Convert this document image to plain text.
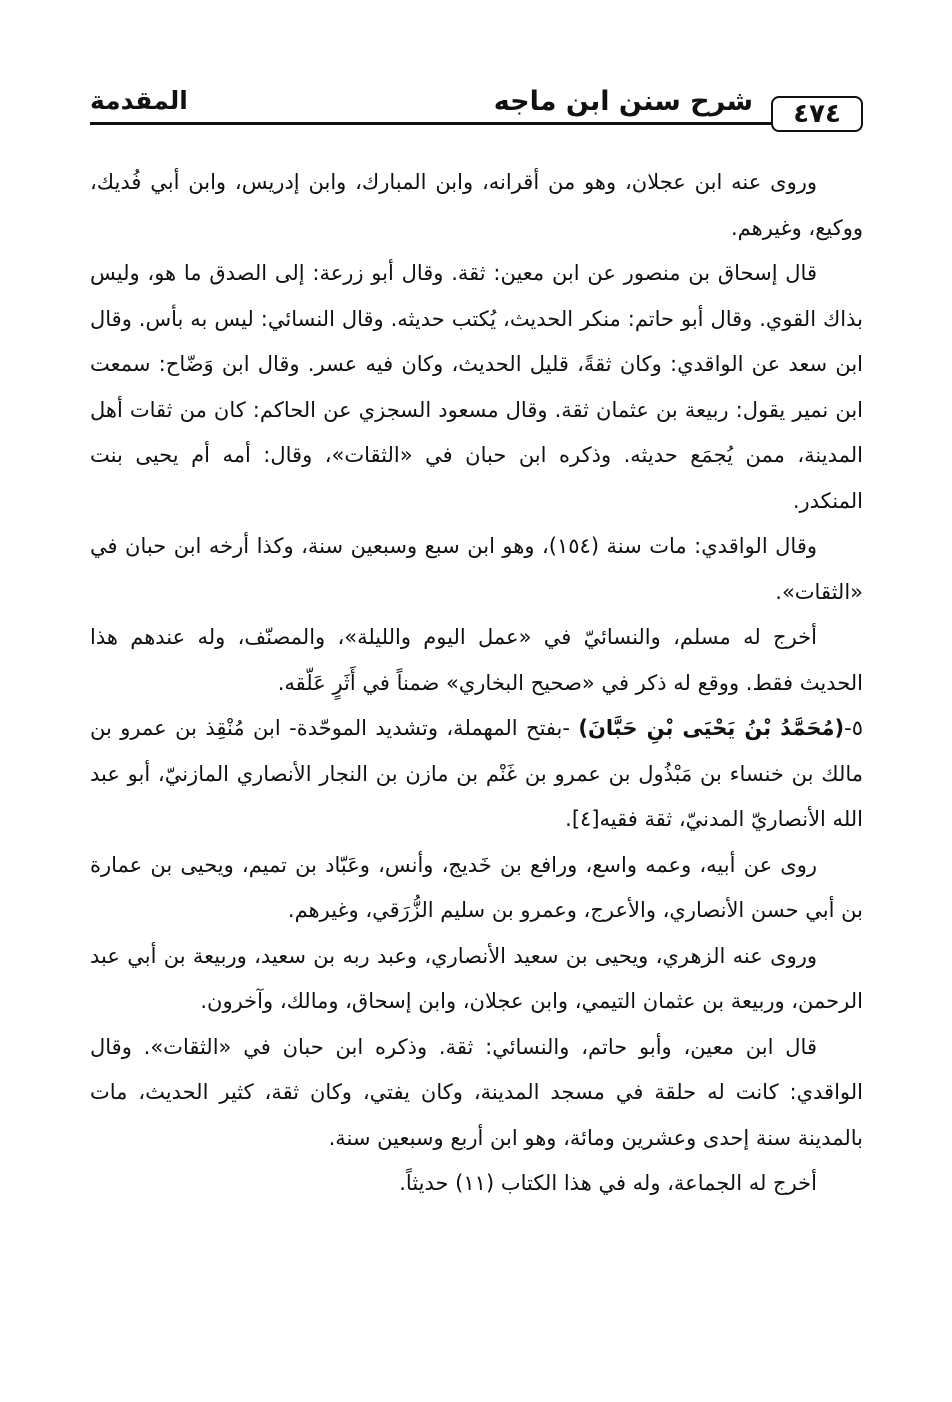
٤٧٤
شرح سنن ابن ماجه
المقدمة

وروى عنه ابن عجلان، وهو من أقرانه، وابن المبارك، وابن إدريس، وابن أبي فُديك، ووكيع، وغيرهم.

قال إسحاق بن منصور عن ابن معين: ثقة. وقال أبو زرعة: إلى الصدق ما هو، وليس بذاك القوي. وقال أبو حاتم: منكر الحديث، يُكتب حديثه. وقال النسائي: ليس به بأس. وقال ابن سعد عن الواقدي: وكان ثقةً، قليل الحديث، وكان فيه عسر. وقال ابن وَضّاح: سمعت ابن نمير يقول: ربيعة بن عثمان ثقة. وقال مسعود السجزي عن الحاكم: كان من ثقات أهل المدينة، ممن يُجمَع حديثه. وذكره ابن حبان في «الثقات»، وقال: أمه أم يحيى بنت المنكدر.

وقال الواقدي: مات سنة (١٥٤)، وهو ابن سبع وسبعين سنة، وكذا أرخه ابن حبان في «الثقات».

أخرج له مسلم، والنسائيّ في «عمل اليوم والليلة»، والمصنّف، وله عندهم هذا الحديث فقط. ووقع له ذكر في «صحيح البخاري» ضمناً في أَثَرٍ عَلّقه.

٥-(مُحَمَّدُ بْنُ يَحْيَى بْنِ حَبَّانَ) -بفتح المهملة، وتشديد الموحّدة- ابن مُنْقِذ بن عمرو بن مالك بن خنساء بن مَبْذُول بن عمرو بن غَنْم بن مازن بن النجار الأنصاري المازنيّ، أبو عبد الله الأنصاريّ المدنيّ، ثقة فقيه[٤].

روى عن أبيه، وعمه واسع، ورافع بن خَديج، وأنس، وعَبّاد بن تميم، ويحيى بن عمارة بن أبي حسن الأنصاري، والأعرج، وعمرو بن سليم الزُّرَقي، وغيرهم.

وروى عنه الزهري، ويحيى بن سعيد الأنصاري، وعبد ربه بن سعيد، وربيعة بن أبي عبد الرحمن، وربيعة بن عثمان التيمي، وابن عجلان، وابن إسحاق، ومالك، وآخرون.

قال ابن معين، وأبو حاتم، والنسائي: ثقة. وذكره ابن حبان في «الثقات». وقال الواقدي: كانت له حلقة في مسجد المدينة، وكان يفتي، وكان ثقة، كثير الحديث، مات بالمدينة سنة إحدى وعشرين ومائة، وهو ابن أربع وسبعين سنة.

أخرج له الجماعة، وله في هذا الكتاب (١١) حديثاً.
